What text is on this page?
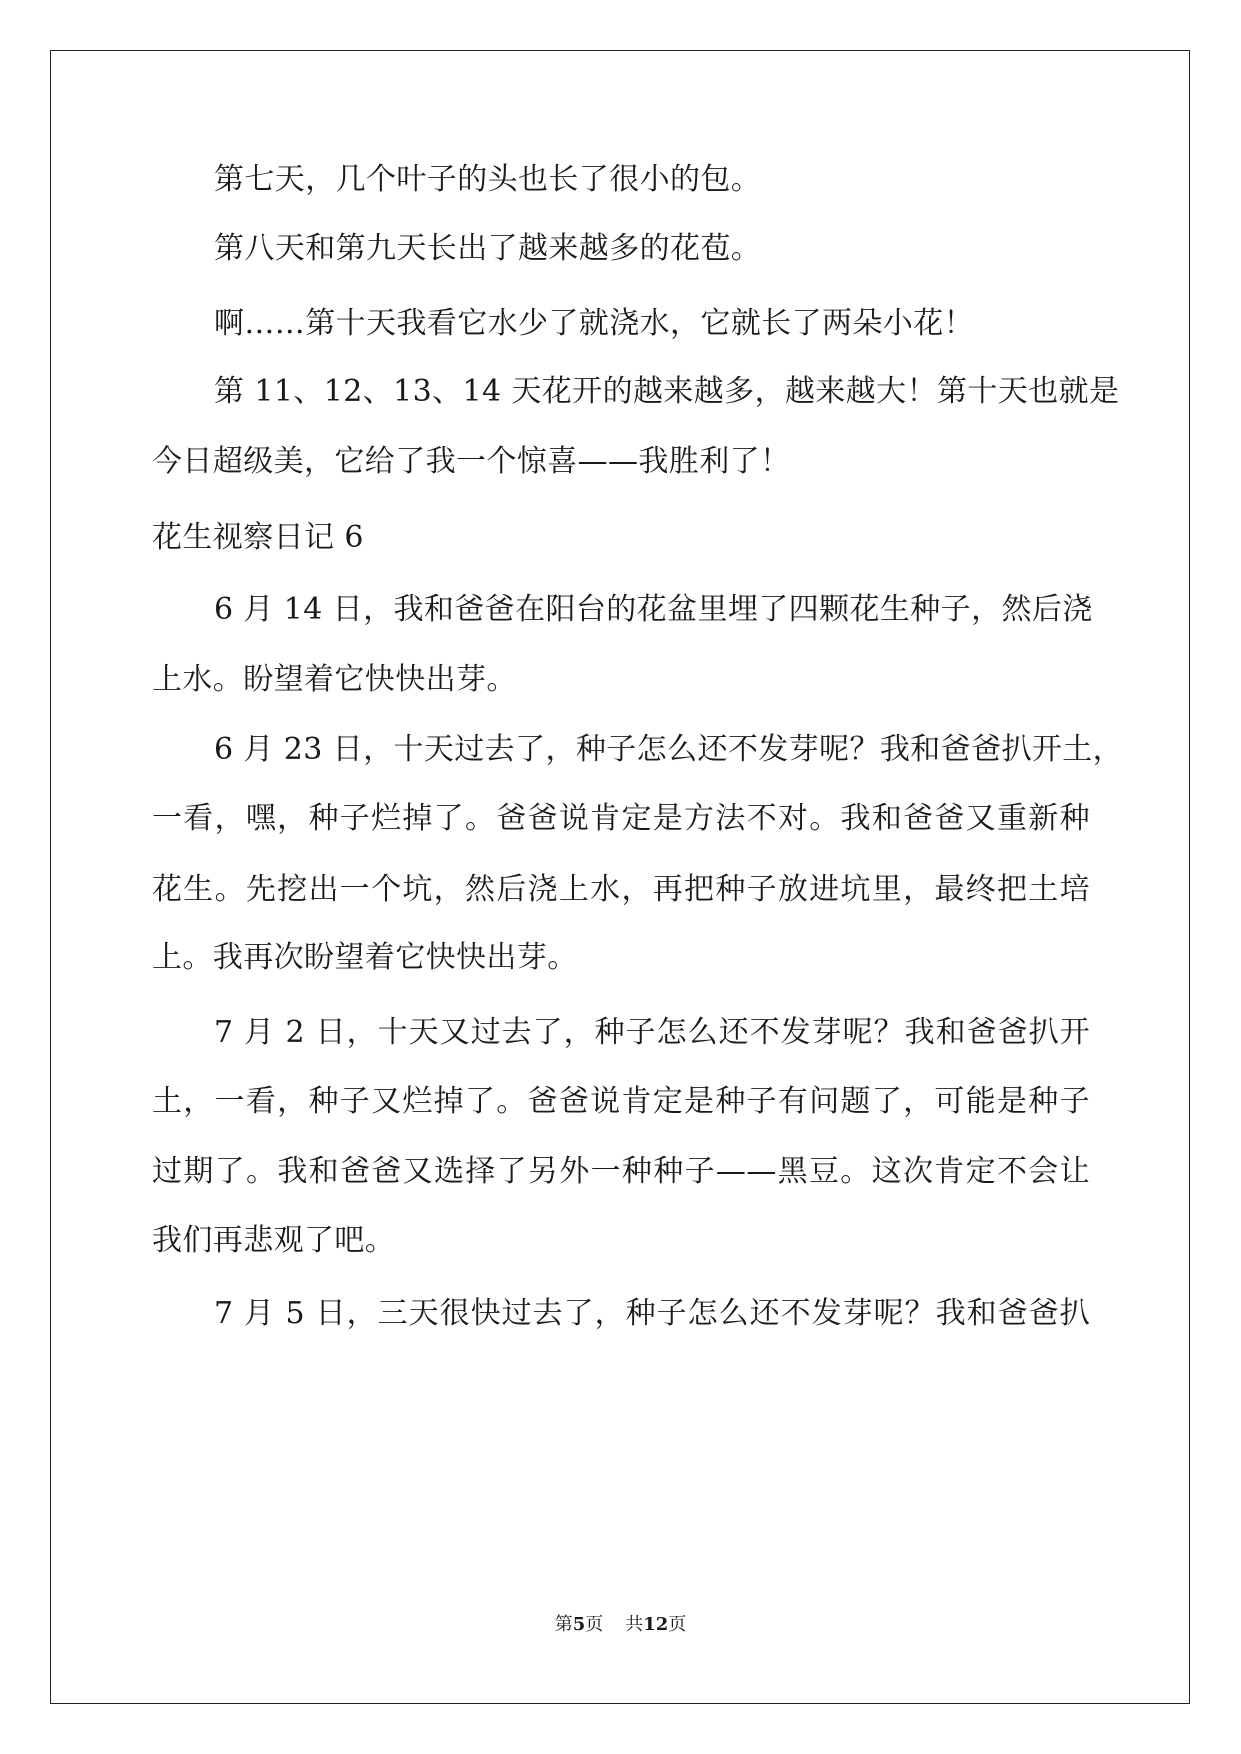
第七天，几个叶子的头也长了很小的包。
第八天和第九天长出了越来越多的花苞。
啊……第十天我看它水少了就浇水，它就长了两朵小花！
第 11、12、13、14 天花开的越来越多，越来越大！第十天也就是
今日超级美，它给了我一个惊喜——我胜利了！
花生视察日记 6
6 月 14 日，我和爸爸在阳台的花盆里埋了四颗花生种子，然后浇
上水。盼望着它快快出芽。
6 月 23 日，十天过去了，种子怎么还不发芽呢？我和爸爸扒开土，
一看，嘿，种子烂掉了。爸爸说肯定是方法不对。我和爸爸又重新种
花生。先挖出一个坑，然后浇上水，再把种子放进坑里，最终把土培
上。我再次盼望着它快快出芽。
7 月 2 日，十天又过去了，种子怎么还不发芽呢？我和爸爸扒开
土，一看，种子又烂掉了。爸爸说肯定是种子有问题了，可能是种子
过期了。我和爸爸又选择了另外一种种子——黑豆。这次肯定不会让
我们再悲观了吧。
7 月 5 日，三天很快过去了，种子怎么还不发芽呢？我和爸爸扒
第5页 共12页
